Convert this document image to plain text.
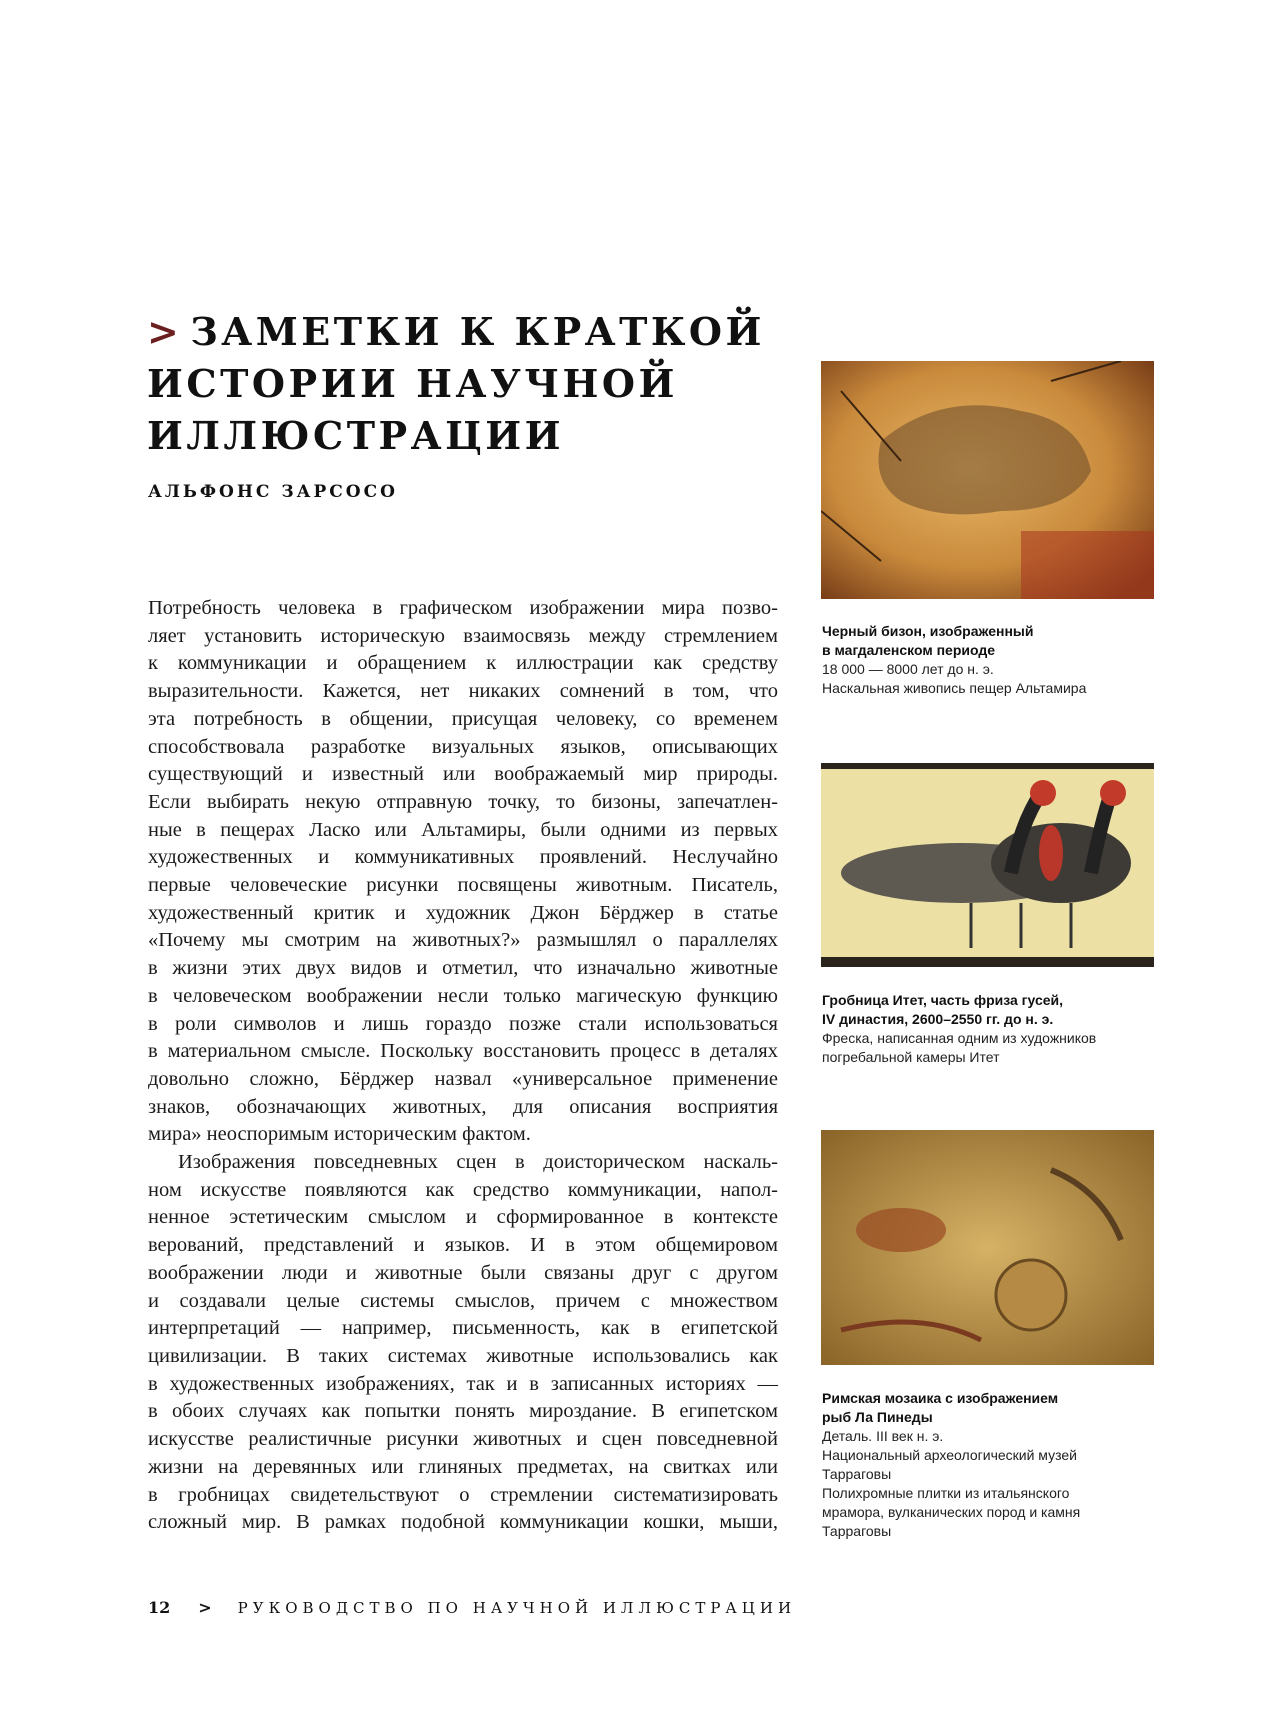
> ЗАМЕТКИ К КРАТКОЙ
ИСТОРИИ НАУЧНОЙ
ИЛЛЮСТРАЦИИ
АЛЬФОНС ЗАРСОСО
Потребность человека в графическом изображении мира позво-
ляет установить историческую взаимосвязь между стремлением
к коммуникации и обращением к иллюстрации как средству
выразительности. Кажется, нет никаких сомнений в том, что
эта потребность в общении, присущая человеку, со временем
способствовала разработке визуальных языков, описывающих
существующий и известный или воображаемый мир природы.
Если выбирать некую отправную точку, то бизоны, запечатлен-
ные в пещерах Ласко или Альтамиры, были одними из первых
художественных и коммуникативных проявлений. Неслучайно
первые человеческие рисунки посвящены животным. Писатель,
художественный критик и художник Джон Бёрджер в статье
«Почему мы смотрим на животных?» размышлял о параллелях
в жизни этих двух видов и отметил, что изначально животные
в человеческом воображении несли только магическую функцию
в роли символов и лишь гораздо позже стали использоваться
в материальном смысле. Поскольку восстановить процесс в деталях
довольно сложно, Бёрджер назвал «универсальное применение
знаков, обозначающих животных, для описания восприятия
мира» неоспоримым историческим фактом.
Изображения повседневных сцен в доисторическом наскаль-
ном искусстве появляются как средство коммуникации, напол-
ненное эстетическим смыслом и сформированное в контексте
верований, представлений и языков. И в этом общемировом
воображении люди и животные были связаны друг с другом
и создавали целые системы смыслов, причем с множеством
интерпретаций — например, письменность, как в египетской
цивилизации. В таких системах животные использовались как
в художественных изображениях, так и в записанных историях —
в обоих случаях как попытки понять мироздание. В египетском
искусстве реалистичные рисунки животных и сцен повседневной
жизни на деревянных или глиняных предметах, на свитках или
в гробницах свидетельствуют о стремлении систематизировать
сложный мир. В рамках подобной коммуникации кошки, мыши,
Черный бизон, изображенный
в магдаленском периоде
18 000 — 8000 лет до н. э.
Наскальная живопись пещер Альтамира
Гробница Итет, часть фриза гусей,
IV династия, 2600–2550 гг. до н. э.
Фреска, написанная одним из художников
погребальной камеры Итет
Римская мозаика с изображением
рыб Ла Пинеды
Деталь. III век н. э.
Национальный археологический музей
Тарраговы
Полихромные плитки из итальянского
мрамора, вулканических пород и камня
Тарраговы
12 > РУКОВОДСТВО ПО НАУЧНОЙ ИЛЛЮСТРАЦИИ
